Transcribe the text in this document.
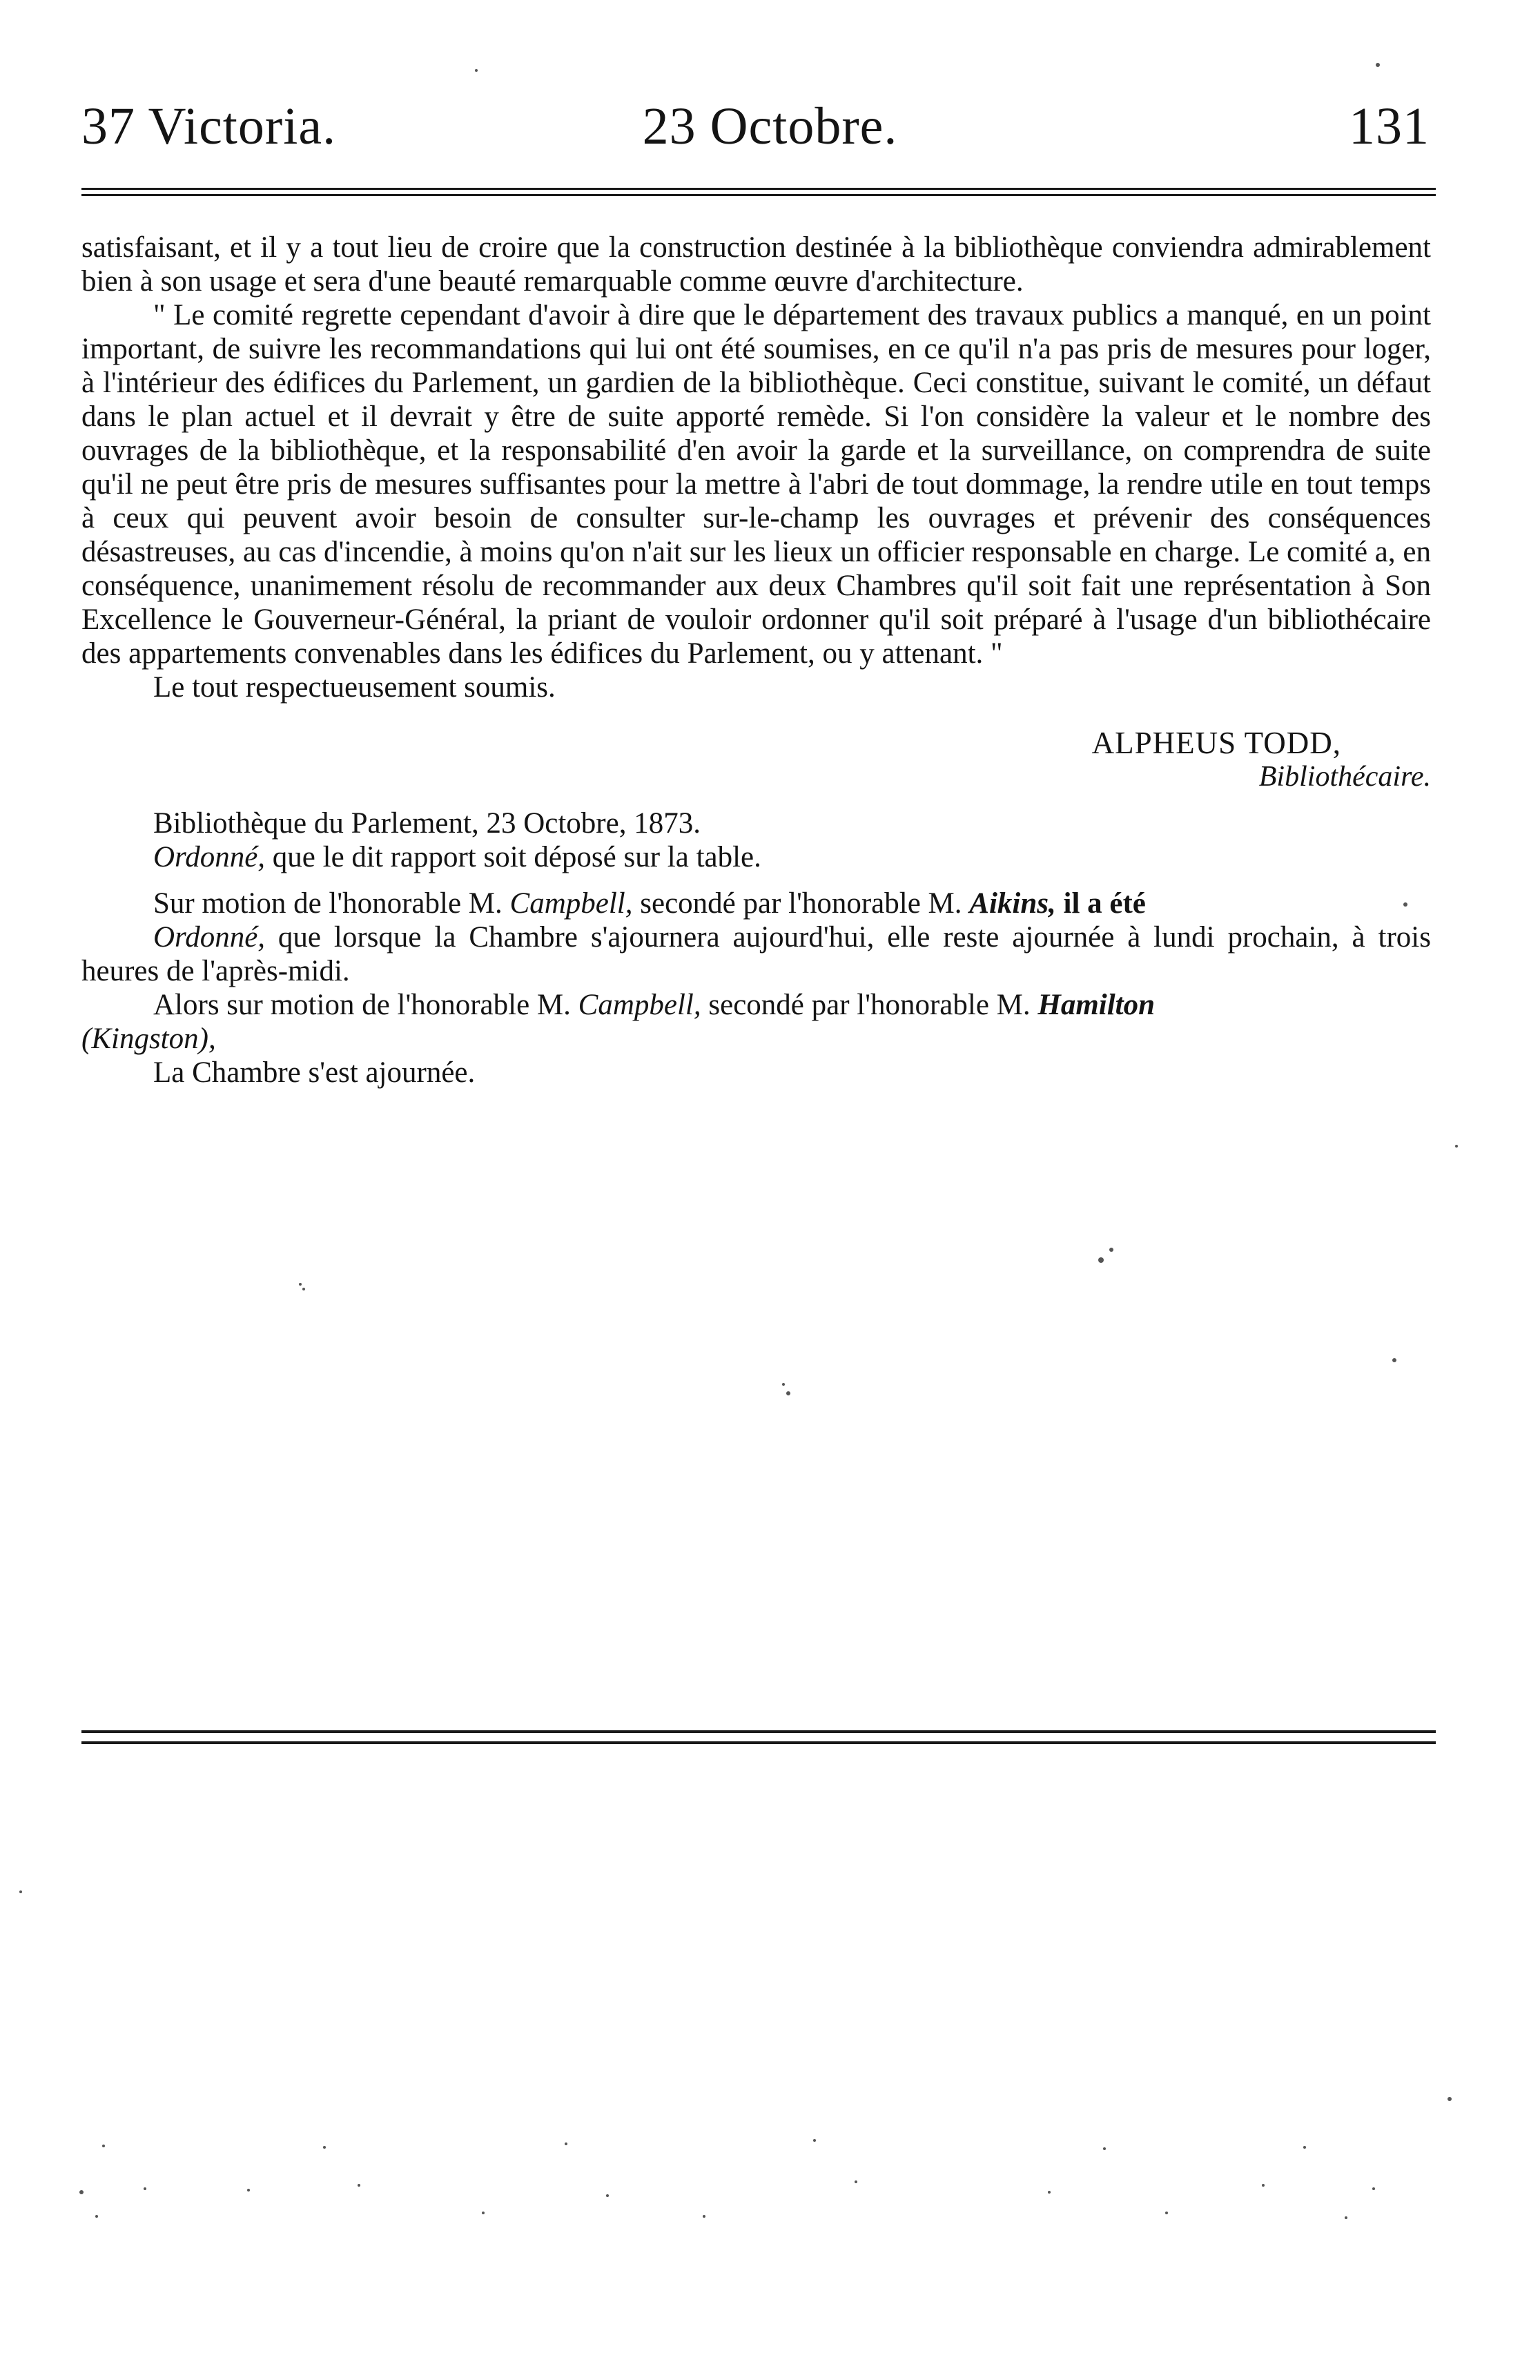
37 Victoria.	23 Octobre.	131

satisfaisant, et il y a tout lieu de croire que la construction destinée à la bibliothèque conviendra admirablement bien à son usage et sera d'une beauté remarquable comme œuvre d'architecture.

" Le comité regrette cependant d'avoir à dire que le département des travaux publics a manqué, en un point important, de suivre les recommandations qui lui ont été soumises, en ce qu'il n'a pas pris de mesures pour loger, à l'intérieur des édifices du Parlement, un gardien de la bibliothèque. Ceci constitue, suivant le comité, un défaut dans le plan actuel et il devrait y être de suite apporté remède. Si l'on considère la valeur et le nombre des ouvrages de la bibliothèque, et la responsabilité d'en avoir la garde et la surveillance, on comprendra de suite qu'il ne peut être pris de mesures suffisantes pour la mettre à l'abri de tout dommage, la rendre utile en tout temps à ceux qui peuvent avoir besoin de consulter sur-le-champ les ouvrages et prévenir des conséquences désastreuses, au cas d'incendie, à moins qu'on n'ait sur les lieux un officier responsable en charge. Le comité a, en conséquence, unanimement résolu de recommander aux deux Chambres qu'il soit fait une représentation à Son Excellence le Gouverneur-Général, la priant de vouloir ordonner qu'il soit préparé à l'usage d'un bibliothécaire des appartements convenables dans les édifices du Parlement, ou y attenant. "

Le tout respectueusement soumis.

ALPHEUS TODD,
Bibliothécaire.

Bibliothèque du Parlement, 23 Octobre, 1873.

Ordonné, que le dit rapport soit déposé sur la table.

Sur motion de l'honorable M. Campbell, secondé par l'honorable M. Aikins, il a été

Ordonné, que lorsque la Chambre s'ajournera aujourd'hui, elle reste ajournée à lundi prochain, à trois heures de l'après-midi.

Alors sur motion de l'honorable M. Campbell, secondé par l'honorable M. Hamilton

(Kingston),

La Chambre s'est ajournée.
